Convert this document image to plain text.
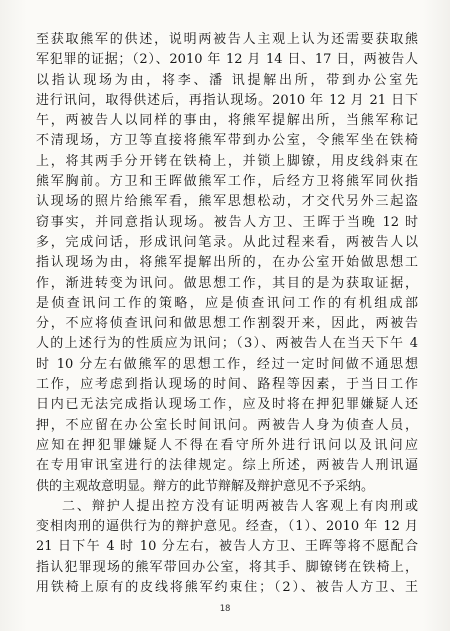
至获取熊军的供述，说明两被告人主观上认为还需要获取熊
军犯罪的证据；（2）、2010 年 12 月 14 日、17 日，两被告人
以指认现场为由，将李、潘 讯提解出所，带到办公室先
进行讯问，取得供述后，再指认现场。2010 年 12 月 21 日下
午，两被告人以同样的事由，将熊军提解出所，当熊军称记
不清现场，方卫等直接将熊军带到办公室，令熊军坐在铁椅
上，将其两手分开铐在铁椅上，并锁上脚镣，用皮线斜束在
熊军胸前。方卫和王晖做熊军工作，后经方卫将熊军同伙指
认现场的照片给熊军看，熊军思想松动，才交代另外三起盗
窃事实，并同意指认现场。被告人方卫、王晖于当晚 12 时
多，完成问话，形成讯问笔录。从此过程来看，两被告人以
指认现场为由，将熊军提解出所的，在办公室开始做思想工
作，渐进转变为讯问。做思想工作，其目的是为获取证据，
是侦查讯问工作的策略，应是侦查讯问工作的有机组成部
分，不应将侦查讯问和做思想工作割裂开来，因此，两被告
人的上述行为的性质应为讯问；（3）、两被告人在当天下午 4
时 10 分左右做熊军的思想工作，经过一定时间做不通思想
工作，应考虑到指认现场的时间、路程等因素，于当日工作
日内已无法完成指认现场工作，应及时将在押犯罪嫌疑人还
押，不应留在办公室长时间讯问。两被告人身为侦查人员，
应知在押犯罪嫌疑人不得在看守所外进行讯问以及讯问应
在专用审讯室进行的法律规定。综上所述，两被告人刑讯逼
供的主观故意明显。辩方的此节辩解及辩护意见不予采纳。
二、辩护人提出控方没有证明两被告人客观上有肉刑或
变相肉刑的逼供行为的辩护意见。经查，（1）、2010 年 12 月
21 日下午 4 时 10 分左右，被告人方卫、王晖等将不愿配合
指认犯罪现场的熊军带回办公室，将其手、脚镣铐在铁椅上，
用铁椅上原有的皮线将熊军约束住；（2）、被告人方卫、王
18
